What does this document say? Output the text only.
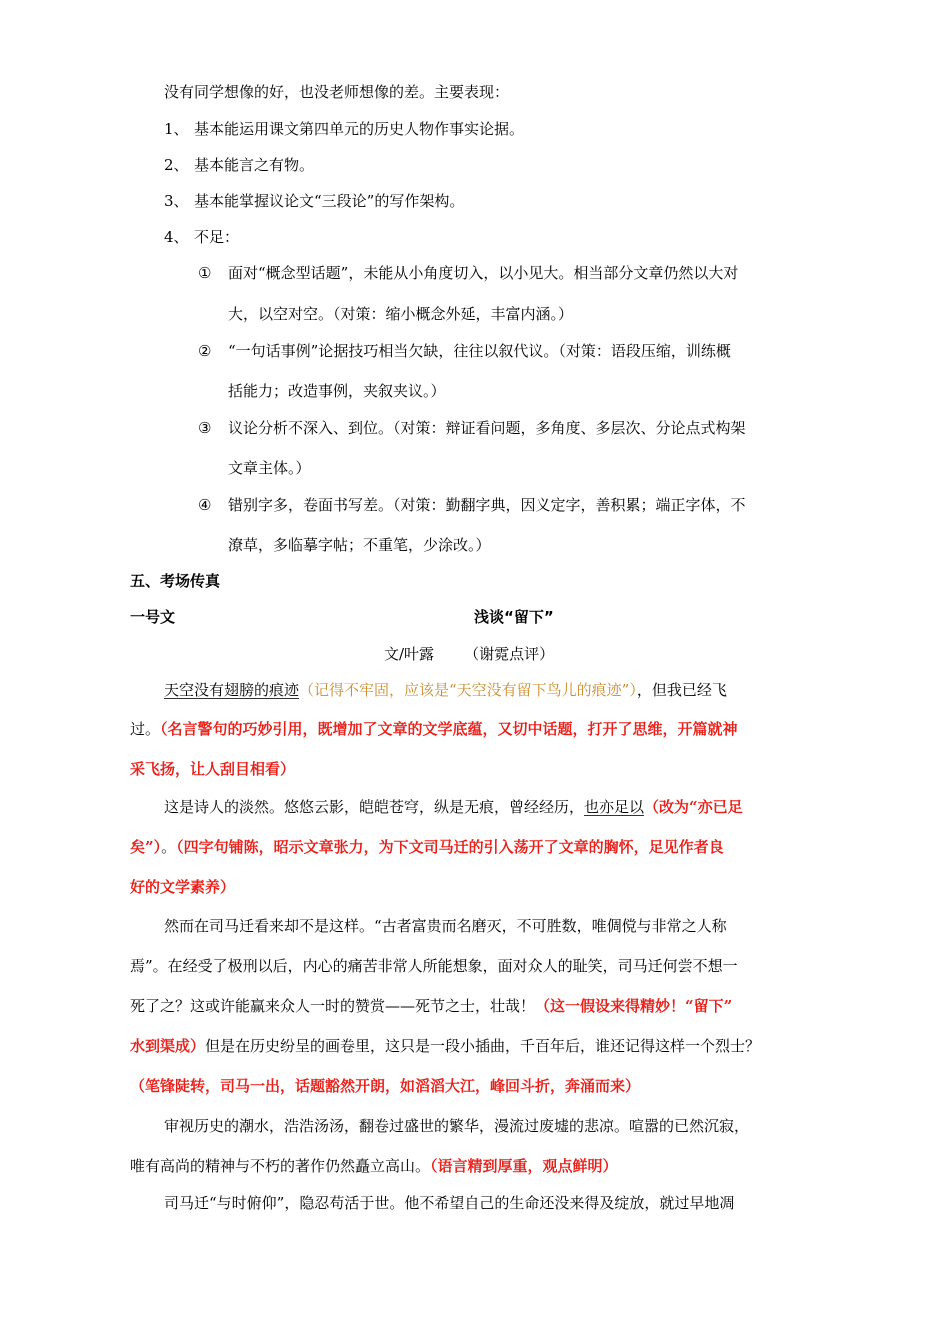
没有同学想像的好，也没老师想像的差。主要表现：
1、 基本能运用课文第四单元的历史人物作事实论据。
2、 基本能言之有物。
3、 基本能掌握议论文“三段论”的写作架构。
4、 不足：
① 面对“概念型话题”，未能从小角度切入，以小见大。相当部分文章仍然以大对
大，以空对空。（对策：缩小概念外延，丰富内涵。）
② “一句话事例”论据技巧相当欠缺，往往以叙代议。（对策：语段压缩，训练概
括能力；改造事例，夹叙夹议。）
③ 议论分析不深入、到位。（对策：辩证看问题，多角度、多层次、分论点式构架
文章主体。）
④ 错别字多，卷面书写差。（对策：勤翻字典，因义定字，善积累；端正字体，不
潦草，多临摹字帖；不重笔，少涂改。）
五、考场传真
一号文	浅谈“留下”
文/叶露 （谢霓点评）
天空没有翅膀的痕迹（记得不牢固，应该是“天空没有留下鸟儿的痕迹”），但我已经飞
过。（名言警句的巧妙引用，既增加了文章的文学底蕴，又切中话题，打开了思维，开篇就神
采飞扬，让人刮目相看）
这是诗人的淡然。悠悠云影，皑皑苍穹，纵是无痕，曾经经历，也亦足以（改为“亦已足
矣”）。（四字句铺陈，昭示文章张力，为下文司马迁的引入荡开了文章的胸怀，足见作者良
好的文学素养）
然而在司马迁看来却不是这样。“古者富贵而名磨灭，不可胜数，唯倜傥与非常之人称
焉”。在经受了极刑以后，内心的痛苦非常人所能想象，面对众人的耻笑，司马迁何尝不想一
死了之？这或许能赢来众人一时的赞赏——死节之士，壮哉！（这一假设来得精妙！“留下”
水到渠成）但是在历史纷呈的画卷里，这只是一段小插曲，千百年后，谁还记得这样一个烈士？
（笔锋陡转，司马一出，话题豁然开朗，如滔滔大江，峰回斗折，奔涌而来）
审视历史的潮水，浩浩汤汤，翻卷过盛世的繁华，漫流过废墟的悲凉。喧嚣的已然沉寂，
唯有高尚的精神与不朽的著作仍然矗立高山。（语言精到厚重，观点鲜明）
司马迁“与时俯仰”，隐忍苟活于世。他不希望自己的生命还没来得及绽放，就过早地凋
